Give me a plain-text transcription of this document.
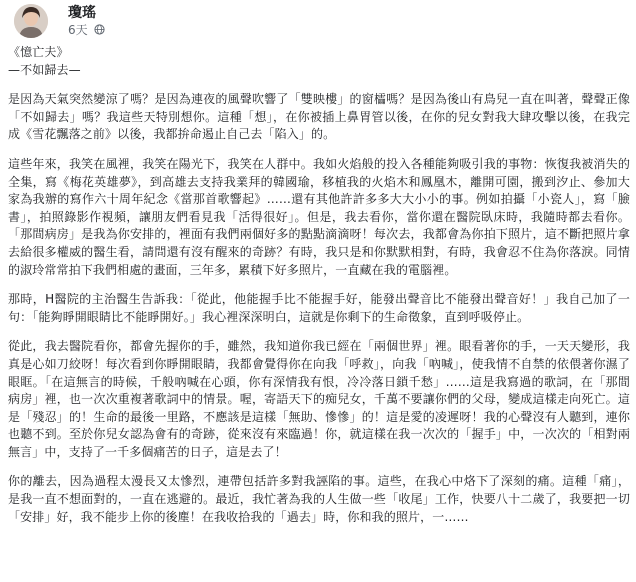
瓊瑤
6天

《憶亡夫》

—不如歸去—

是因為天氣突然變涼了嗎？是因為連夜的風聲吹響了「雙映樓」的窗櫺嗎？是因為後山有鳥兒一直在叫著，聲聲正像「不如歸去」嗎？我這些天特別想你。這種「想」，在你被插上鼻胃管以後，在你的兒女對我大肆攻擊以後，在我完成《雪花飄落之前》以後，我都拚命遏止自己去「陷入」的。

這些年來，我笑在風裡，我笑在陽光下，我笑在人群中。我如火焰般的投入各種能夠吸引我的事物：恢復我被消失的全集，寫《梅花英雄夢》，到高雄去支持我業拜的韓國瑜，移植我的火焰木和鳳凰木，離開可園，搬到汐止、參加大家為我辦的寫作六十周年紀念《當那首歌響起》……還有其他許許多多大大小小的事。例如拍攝「小瓷人」，寫「臉書」，拍照錄影作視頻，讓朋友們看見我「活得很好」。但是，我去看你，當你還在醫院臥床時，我隨時都去看你。「那間病房」是我為你安排的，裡面有我們兩個好多的點點滴滴呀！每次去，我都會為你拍下照片，這不斷把照片拿去給很多權威的醫生看，請問還有沒有醒來的奇跡？有時，我只是和你默默相對，有時，我會忍不住為你落淚。同情的淑玲常常拍下我們相處的畫面，三年多，累積下好多照片，一直藏在我的電腦裡。

那時，H醫院的主治醫生告訴我：「從此，他能握手比不能握手好，能發出聲音比不能發出聲音好！」我自己加了一句：「能夠睜開眼睛比不能睜開好。」我心裡深深明白，這就是你剩下的生命徵象，直到呼吸停止。

從此，我去醫院看你，都會先握你的手，雖然，我知道你我已經在「兩個世界」裡。眼看著你的手，一天天變形，我真是心如刀絞呀！每次看到你睜開眼睛，我都會覺得你在向我「呼救」，向我「吶喊」，使我情不自禁的依偎著你濕了眼眶。「在這無言的時候，千般吶喊在心頭，你有深情我有恨，冷冷落日鎖千愁」……這是我寫過的歌詞，在「那間病房」裡，也一次次重複著歌詞中的情景。喔，寄語天下的痴兒女，千萬不要讓你們的父母，變成這樣走向死亡。這是「殘忍」的！生命的最後一里路，不應該是這樣「無助、慘慘」的！這是愛的凌遲呀！我的心聲沒有人聽到，連你也聽不到。至於你兒女認為會有的奇跡，從來沒有來臨過！你，就這樣在我一次次的「握手」中，一次次的「相對兩無言」中，支持了一千多個痛苦的日子，這是去了！

你的離去，因為過程太漫長又太慘烈，連帶包括許多對我誣陷的事。這些，在我心中烙下了深刻的痛。這種「痛」，是我一直不想面對的，一直在逃避的。最近，我忙著為我的人生做一些「收尾」工作，快要八十二歲了，我要把一切「安排」好，我不能步上你的後塵！在我收拾我的「過去」時，你和我的照片，一……
